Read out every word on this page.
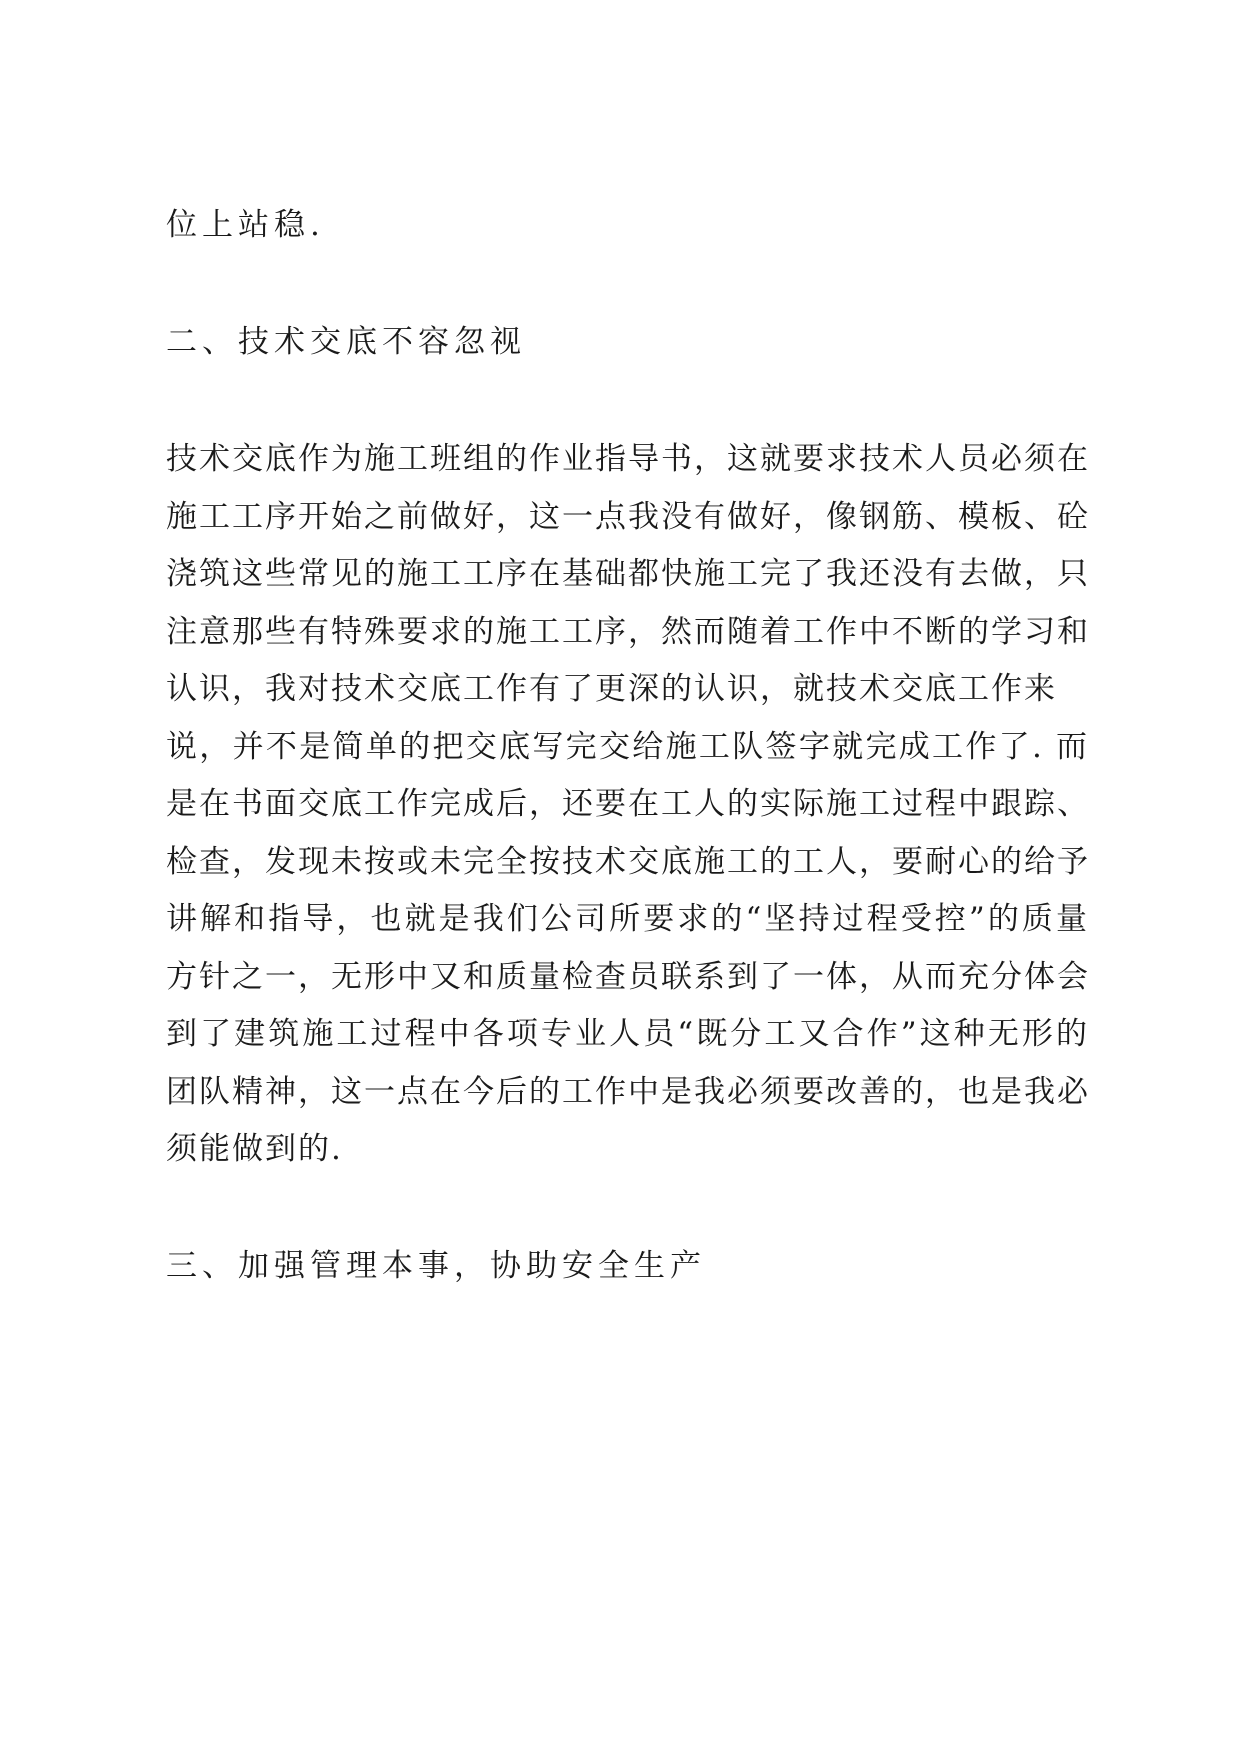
位上站稳.
二、技术交底不容忽视
技术交底作为施工班组的作业指导书，这就要求技术人员必须在
施工工序开始之前做好，这一点我没有做好，像钢筋、模板、砼
浇筑这些常见的施工工序在基础都快施工完了我还没有去做，只
注意那些有特殊要求的施工工序，然而随着工作中不断的学习和
认识，我对技术交底工作有了更深的认识，就技术交底工作来
说，并不是简单的把交底写完交给施工队签字就完成工作了. 而
是在书面交底工作完成后，还要在工人的实际施工过程中跟踪、
检查，发现未按或未完全按技术交底施工的工人，要耐心的给予
讲解和指导，也就是我们公司所要求的“坚持过程受控”的质量
方针之一，无形中又和质量检查员联系到了一体，从而充分体会
到了建筑施工过程中各项专业人员“既分工又合作”这种无形的
团队精神，这一点在今后的工作中是我必须要改善的，也是我必
须能做到的.
三、加强管理本事，协助安全生产
